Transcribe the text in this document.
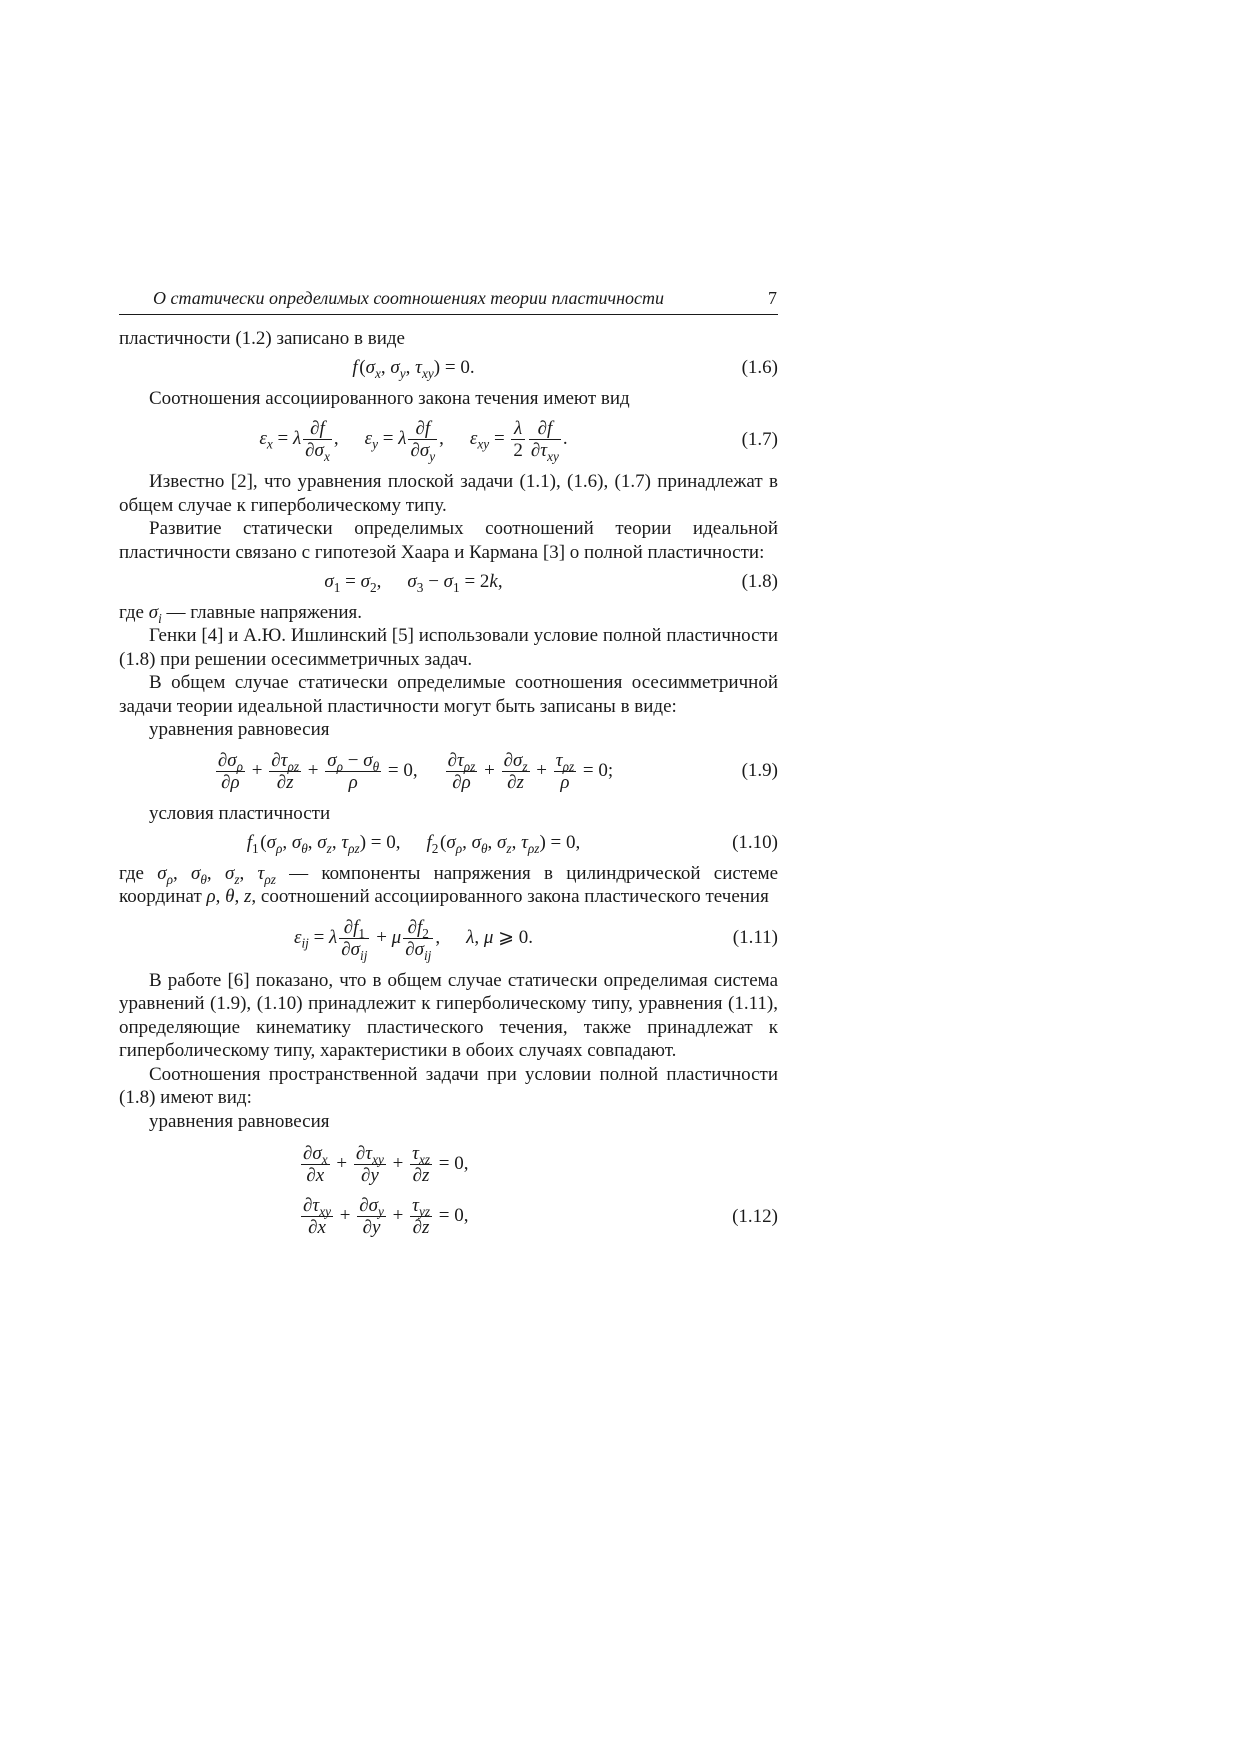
О статически определимых соотношениях теории пластичности	7

пластичности (1.2) записано в виде

f ($\sigma_x$, $\sigma_y$, $\tau_{xy}) = 0$.	(1.6)

Соотношения ассоциированного закона течения имеют вид

$\varepsilon_x = \lambda \frac{\partial f}{\partial\sigma_x}$ , $\varepsilon_y = \lambda \frac{\partial f}{\partial\sigma_y}$ , $\varepsilon_{xy} = \frac{\lambda}{2} \frac{\partial f}{\partial\tau_{xy}}$ .	(1.7)

Известно [2], что уравнения плоской задачи (1.1), (1.6), (1.7) принадлежат в общем случае к гиперболическому типу.

Развитие статически определимых соотношений теории идеальной пластичности связано с гипотезой Хаара и Кармана [3] о полной пластичности:

$\sigma_1 = \sigma_2$, $\sigma_3 - \sigma_1 = 2k$,	(1.8)

где $\sigma_i$ — главные напряжения.

Генки [4] и А.Ю. Ишлинский [5] использовали условие полной пластичности (1.8) при решении осесимметричных задач.

В общем случае статически определимые соотношения осесимметричной задачи теории идеальной пластичности могут быть записаны в виде:

уравнения равновесия

$\frac{\partial\sigma_\rho}{\partial\rho} + \frac{\partial\tau_{\rho z}}{\partial z} + \frac{\sigma_\rho - \sigma_\theta}{\rho} = 0$, $\frac{\partial\tau_{\rho z}}{\partial\rho} + \frac{\partial\sigma_z}{\partial z} + \frac{\tau_{\rho z}}{\rho} = 0$;	(1.9)

условия пластичности

$f_1$ ($\sigma_\rho$, $\sigma_\theta$, $\sigma_z$, $\tau_{\rho z}) = 0$, $f_2$ ($\sigma_\rho$, $\sigma_\theta$, $\sigma_z$, $\tau_{\rho z}) = 0$,	(1.10)

где $\sigma_\rho$, $\sigma_\theta$, $\sigma_z$, $\tau_{\rho z}$ — компоненты напряжения в цилиндрической системе координат ρ, θ, z, соотношений ассоциированного закона пластического течения

$\varepsilon_{ij} = \lambda \frac{\partial f_1}{\partial\sigma_{ij}} + \mu \frac{\partial f_2}{\partial\sigma_{ij}}$ , λ, μ ⩾ 0.	(1.11)

В работе [6] показано, что в общем случае статически определимая система уравнений (1.9), (1.10) принадлежит к гиперболическому типу, уравнения (1.11), определяющие кинематику пластического течения, также принадлежат к гиперболическому типу, характеристики в обоих случаях совпадают.

Соотношения пространственной задачи при условии полной пластичности (1.8) имеют вид:

уравнения равновесия

$\frac{\partial\sigma_x}{\partial x} + \frac{\partial\tau_{xy}}{\partial y} + \frac{\tau_{xz}}{\partial z} = 0$,
$\frac{\partial\tau_{xy}}{\partial x} + \frac{\partial\sigma_y}{\partial y} + \frac{\tau_{yz}}{\partial z} = 0$,	(1.12)
